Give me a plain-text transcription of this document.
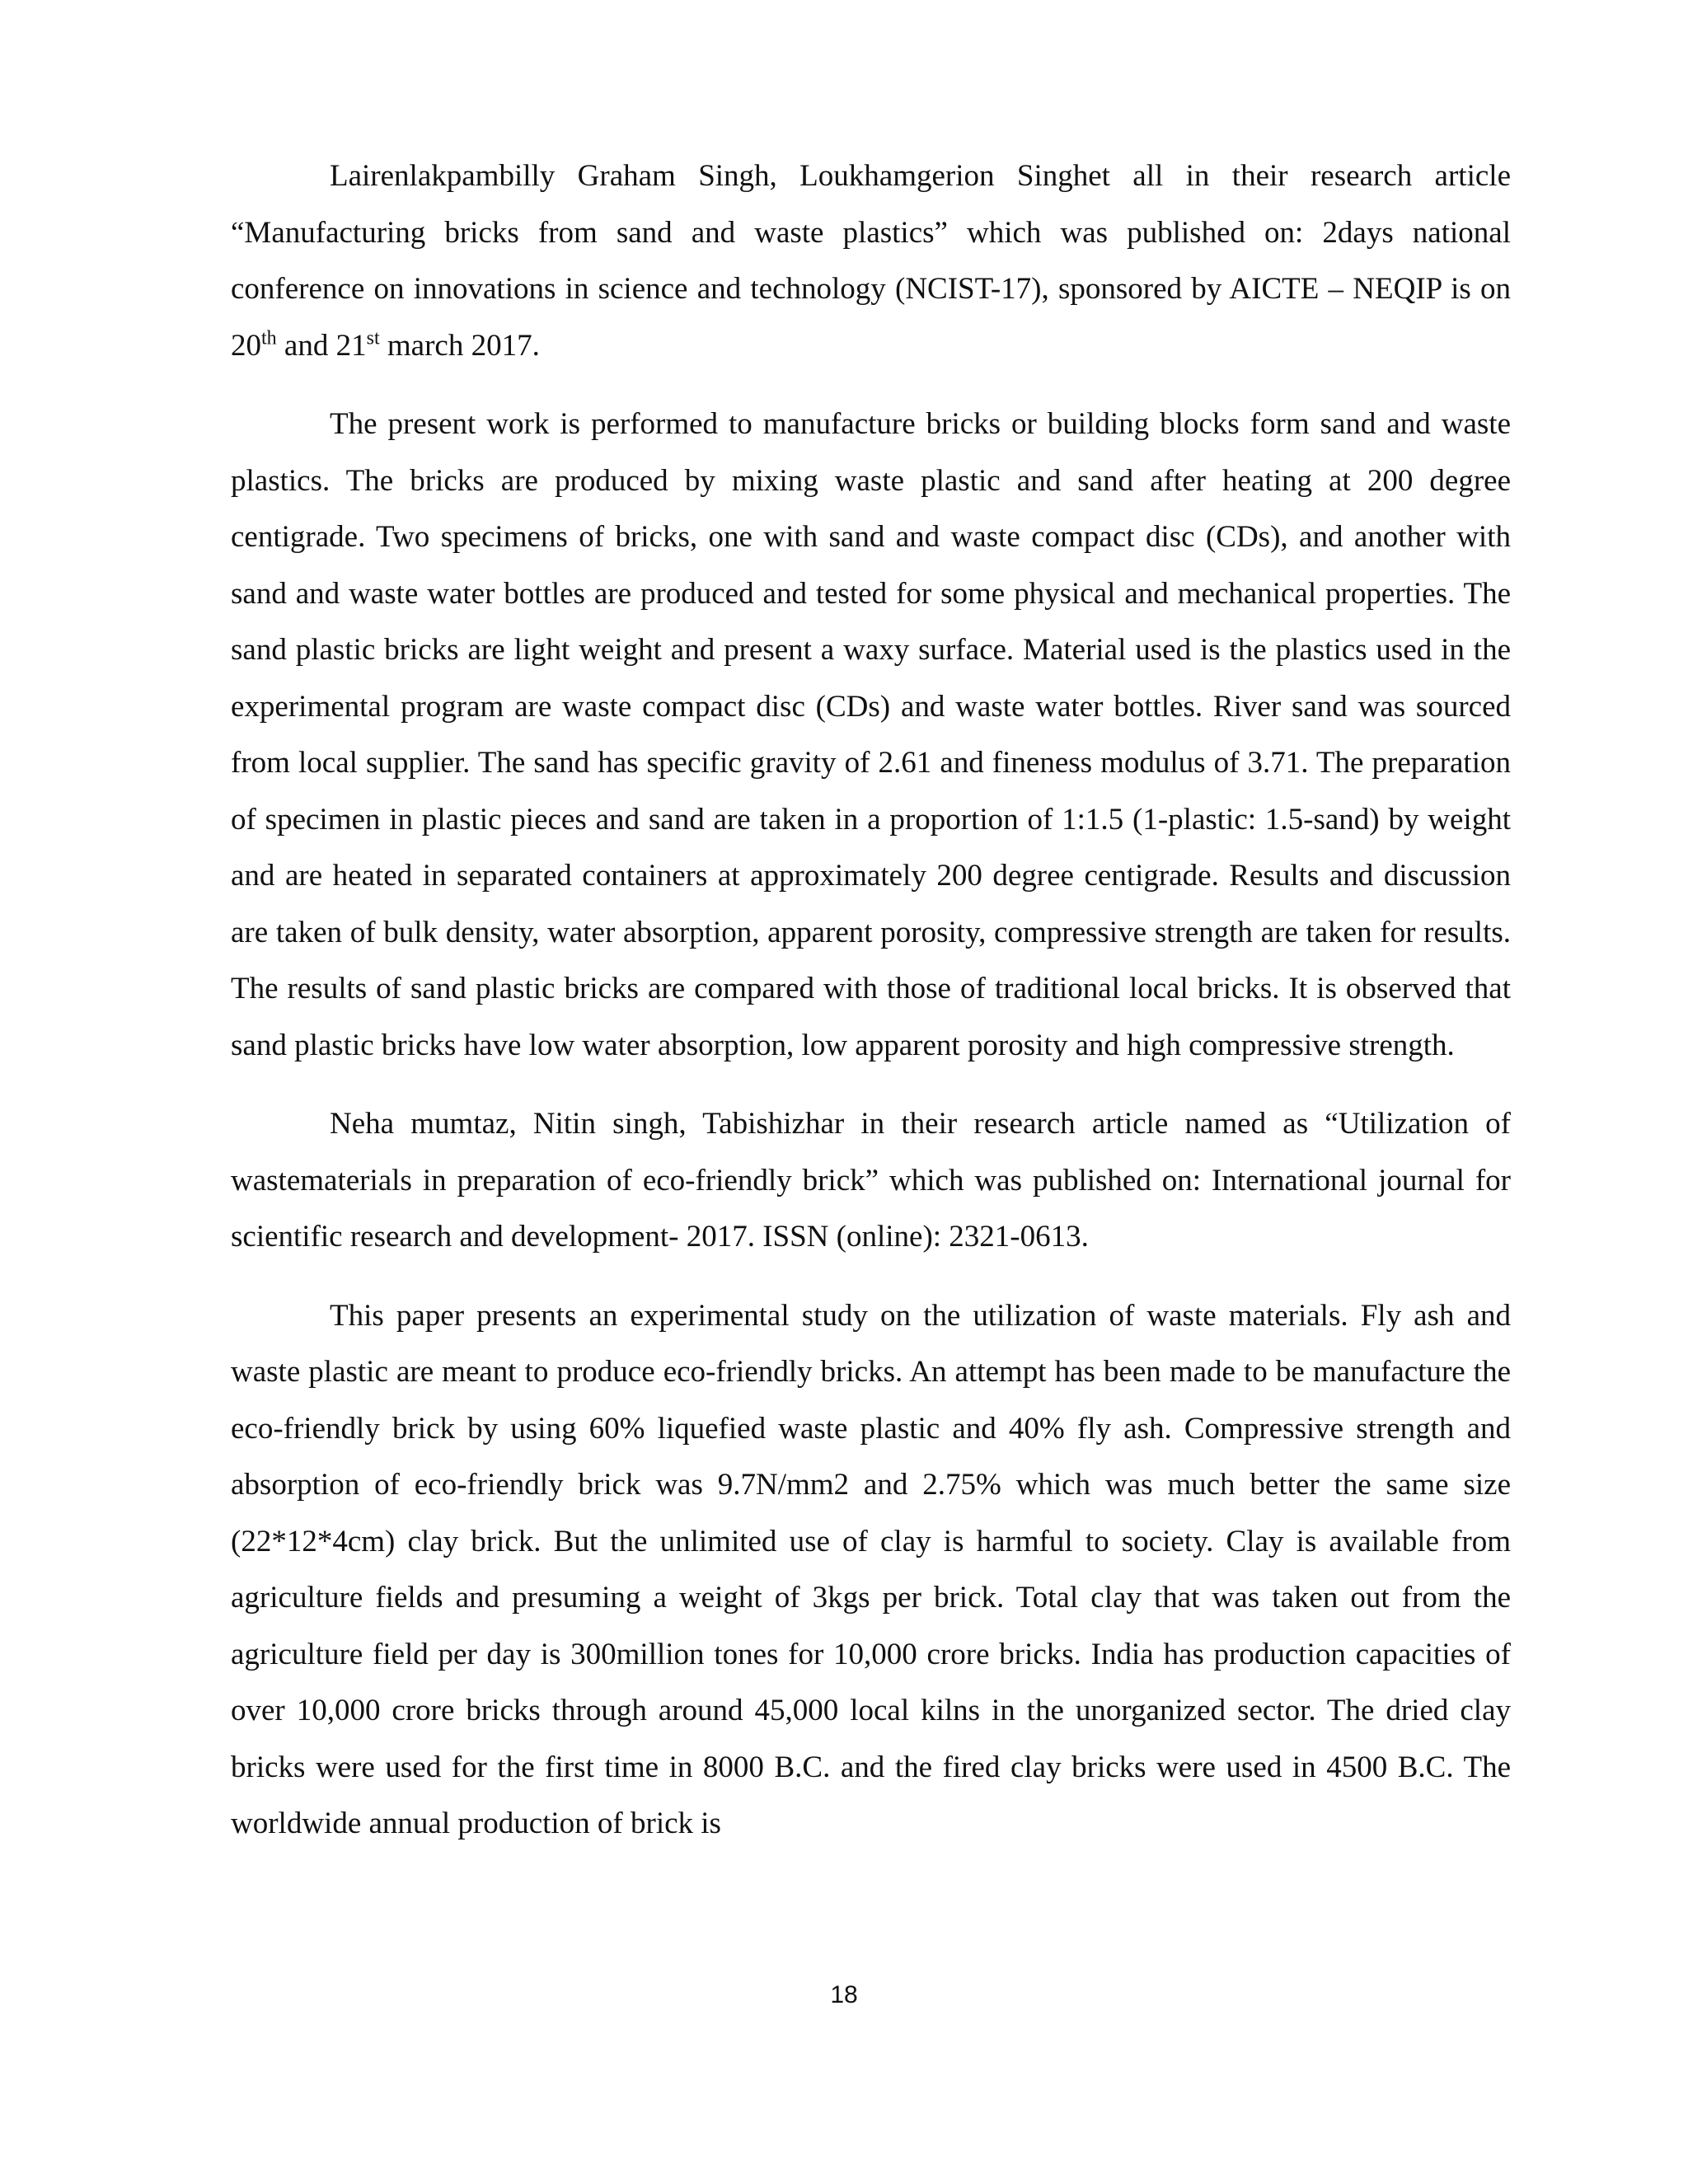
Lairenlakpambilly Graham Singh, Loukhamgerion Singhet all in their research article “Manufacturing bricks from sand and waste plastics” which was published on: 2days national conference on innovations in science and technology (NCIST-17), sponsored by AICTE – NEQIP is on 20th and 21st march 2017.

The present work is performed to manufacture bricks or building blocks form sand and waste plastics. The bricks are produced by mixing waste plastic and sand after heating at 200 degree centigrade. Two specimens of bricks, one with sand and waste compact disc (CDs), and another with sand and waste water bottles are produced and tested for some physical and mechanical properties. The sand plastic bricks are light weight and present a waxy surface. Material used is the plastics used in the experimental program are waste compact disc (CDs) and waste water bottles. River sand was sourced from local supplier. The sand has specific gravity of 2.61 and fineness modulus of 3.71. The preparation of specimen in plastic pieces and sand are taken in a proportion of 1:1.5 (1-plastic: 1.5-sand) by weight and are heated in separated containers at approximately 200 degree centigrade. Results and discussion are taken of bulk density, water absorption, apparent porosity, compressive strength are taken for results. The results of sand plastic bricks are compared with those of traditional local bricks. It is observed that sand plastic bricks have low water absorption, low apparent porosity and high compressive strength.

Neha mumtaz, Nitin singh, Tabishizhar in their research article named as “Utilization of wastematerials in preparation of eco-friendly brick” which was published on: International journal for scientific research and development- 2017. ISSN (online): 2321-0613.

This paper presents an experimental study on the utilization of waste materials. Fly ash and waste plastic are meant to produce eco-friendly bricks. An attempt has been made to be manufacture the eco-friendly brick by using 60% liquefied waste plastic and 40% fly ash. Compressive strength and absorption of eco-friendly brick was 9.7N/mm2 and 2.75% which was much better the same size (22*12*4cm) clay brick. But the unlimited use of clay is harmful to society. Clay is available from agriculture fields and presuming a weight of 3kgs per brick. Total clay that was taken out from the agriculture field per day is 300million tones for 10,000 crore bricks. India has production capacities of over 10,000 crore bricks through around 45,000 local kilns in the unorganized sector. The dried clay bricks were used for the first time in 8000 B.C. and the fired clay bricks were used in 4500 B.C. The worldwide annual production of brick is

18
